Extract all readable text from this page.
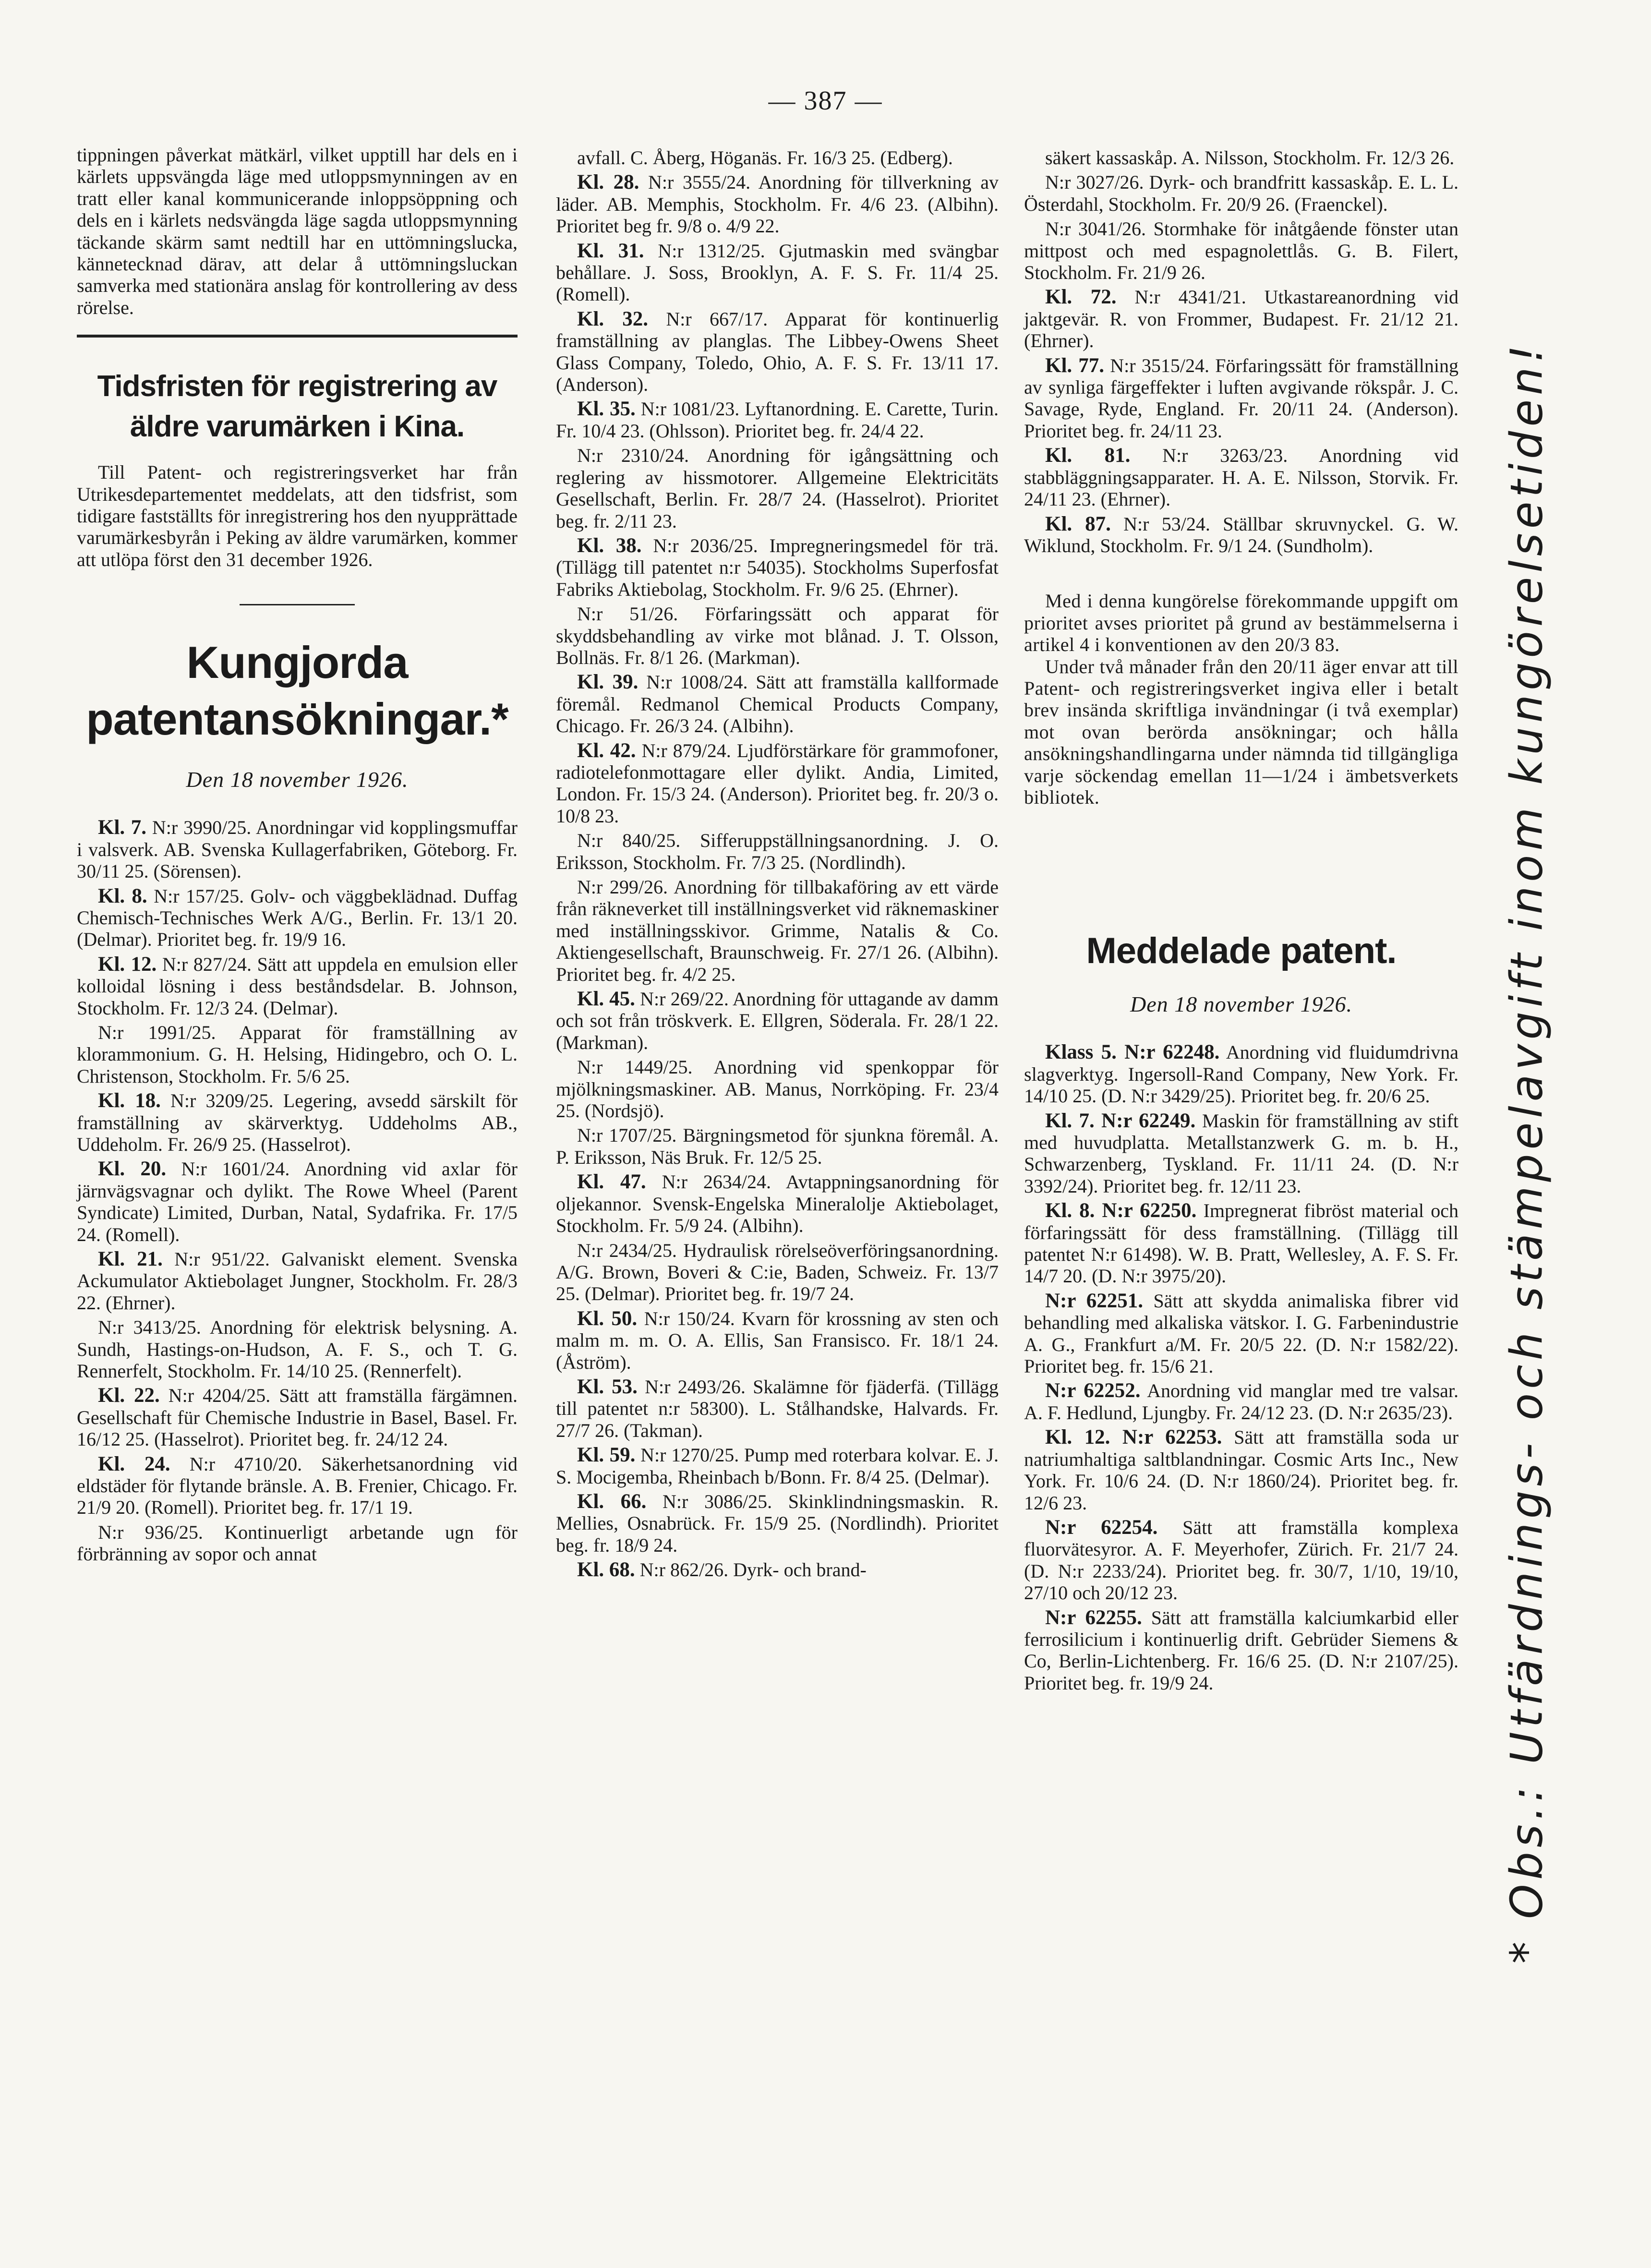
— 387 —

tippningen påverkat mätkärl, vilket upptill har dels en i kärlets uppsvängda läge med utloppsmynningen av en tratt eller kanal kommunicerande inloppsöppning och dels en i kärlets nedsvängda läge sagda utloppsmynning täckande skärm samt nedtill har en uttömningslucka, kännetecknad därav, att delar å uttömningsluckan samverka med stationära anslag för kontrollering av dess rörelse.

Tidsfristen för registrering av äldre varumärken i Kina.

Till Patent- och registreringsverket har från Utrikesdepartementet meddelats, att den tidsfrist, som tidigare fastställts för inregistrering hos den nyupprättade varumärkesbyrån i Peking av äldre varumärken, kommer att utlöpa först den 31 december 1926.

Kungjorda patentansökningar.*
Den 18 november 1926.

Kl. 7. N:r 3990/25. Anordningar vid kopplingsmuffar i valsverk. AB. Svenska Kullagerfabriken, Göteborg. Fr. 30/11 25. (Sörensen).

Kl. 8. N:r 157/25. Golv- och väggbeklädnad. Duffag Chemisch-Technisches Werk A/G., Berlin. Fr. 13/1 20. (Delmar). Prioritet beg. fr. 19/9 16.

Kl. 12. N:r 827/24. Sätt att uppdela en emulsion eller kolloidal lösning i dess beståndsdelar. B. Johnson, Stockholm. Fr. 12/3 24. (Delmar).

N:r 1991/25. Apparat för framställning av klorammonium. G. H. Helsing, Hidingebro, och O. L. Christenson, Stockholm. Fr. 5/6 25.

Kl. 18. N:r 3209/25. Legering, avsedd särskilt för framställning av skärverktyg. Uddeholms AB., Uddeholm. Fr. 26/9 25. (Hasselrot).

Kl. 20. N:r 1601/24. Anordning vid axlar för järnvägsvagnar och dylikt. The Rowe Wheel (Parent Syndicate) Limited, Durban, Natal, Sydafrika. Fr. 17/5 24. (Romell).

Kl. 21. N:r 951/22. Galvaniskt element. Svenska Ackumulator Aktiebolaget Jungner, Stockholm. Fr. 28/3 22. (Ehrner).

N:r 3413/25. Anordning för elektrisk belysning. A. Sundh, Hastings-on-Hudson, A. F. S., och T. G. Rennerfelt, Stockholm. Fr. 14/10 25. (Rennerfelt).

Kl. 22. N:r 4204/25. Sätt att framställa färgämnen. Gesellschaft für Chemische Industrie in Basel, Basel. Fr. 16/12 25. (Hasselrot). Prioritet beg. fr. 24/12 24.

Kl. 24. N:r 4710/20. Säkerhetsanordning vid eldstäder för flytande bränsle. A. B. Frenier, Chicago. Fr. 21/9 20. (Romell). Prioritet beg. fr. 17/1 19.

N:r 936/25. Kontinuerligt arbetande ugn för förbränning av sopor och annat

avfall. C. Åberg, Höganäs. Fr. 16/3 25. (Edberg).

Kl. 28. N:r 3555/24. Anordning för tillverkning av läder. AB. Memphis, Stockholm. Fr. 4/6 23. (Albihn). Prioritet beg fr. 9/8 o. 4/9 22.

Kl. 31. N:r 1312/25. Gjutmaskin med svängbar behållare. J. Soss, Brooklyn, A. F. S. Fr. 11/4 25. (Romell).

Kl. 32. N:r 667/17. Apparat för kontinuerlig framställning av planglas. The Libbey-Owens Sheet Glass Company, Toledo, Ohio, A. F. S. Fr. 13/11 17. (Anderson).

Kl. 35. N:r 1081/23. Lyftanordning. E. Carette, Turin. Fr. 10/4 23. (Ohlsson). Prioritet beg. fr. 24/4 22.

N:r 2310/24. Anordning för igångsättning och reglering av hissmotorer. Allgemeine Elektricitäts Gesellschaft, Berlin. Fr. 28/7 24. (Hasselrot). Prioritet beg. fr. 2/11 23.

Kl. 38. N:r 2036/25. Impregneringsmedel för trä. (Tillägg till patentet n:r 54035). Stockholms Superfosfat Fabriks Aktiebolag, Stockholm. Fr. 9/6 25. (Ehrner).

N:r 51/26. Förfaringssätt och apparat för skyddsbehandling av virke mot blånad. J. T. Olsson, Bollnäs. Fr. 8/1 26. (Markman).

Kl. 39. N:r 1008/24. Sätt att framställa kallformade föremål. Redmanol Chemical Products Company, Chicago. Fr. 26/3 24. (Albihn).

Kl. 42. N:r 879/24. Ljudförstärkare för grammofoner, radiotelefonmottagare eller dylikt. Andia, Limited, London. Fr. 15/3 24. (Anderson). Prioritet beg. fr. 20/3 o. 10/8 23.

N:r 840/25. Sifferuppställningsanordning. J. O. Eriksson, Stockholm. Fr. 7/3 25. (Nordlindh).

N:r 299/26. Anordning för tillbakaföring av ett värde från räkneverket till inställningsverket vid räknemaskiner med inställningsskivor. Grimme, Natalis & Co. Aktiengesellschaft, Braunschweig. Fr. 27/1 26. (Albihn). Prioritet beg. fr. 4/2 25.

Kl. 45. N:r 269/22. Anordning för uttagande av damm och sot från tröskverk. E. Ellgren, Söderala. Fr. 28/1 22. (Markman).

N:r 1449/25. Anordning vid spenkoppar för mjölkningsmaskiner. AB. Manus, Norrköping. Fr. 23/4 25. (Nordsjö).

N:r 1707/25. Bärgningsmetod för sjunkna föremål. A. P. Eriksson, Näs Bruk. Fr. 12/5 25.

Kl. 47. N:r 2634/24. Avtappningsanordning för oljekannor. Svensk-Engelska Mineralolje Aktiebolaget, Stockholm. Fr. 5/9 24. (Albihn).

N:r 2434/25. Hydraulisk rörelseöverföringsanordning. A/G. Brown, Boveri & C:ie, Baden, Schweiz. Fr. 13/7 25. (Delmar). Prioritet beg. fr. 19/7 24.

Kl. 50. N:r 150/24. Kvarn för krossning av sten och malm m. m. O. A. Ellis, San Fransisco. Fr. 18/1 24. (Åström).

Kl. 53. N:r 2493/26. Skalämne för fjäderfä. (Tillägg till patentet n:r 58300). L. Stålhandske, Halvards. Fr. 27/7 26. (Takman).

Kl. 59. N:r 1270/25. Pump med roterbara kolvar. E. J. S. Mocigemba, Rheinbach b/Bonn. Fr. 8/4 25. (Delmar).

Kl. 66. N:r 3086/25. Skinklindningsmaskin. R. Mellies, Osnabrück. Fr. 15/9 25. (Nordlindh). Prioritet beg. fr. 18/9 24.

Kl. 68. N:r 862/26. Dyrk- och brand-

säkert kassaskåp. A. Nilsson, Stockholm. Fr. 12/3 26.

N:r 3027/26. Dyrk- och brandfritt kassaskåp. E. L. L. Österdahl, Stockholm. Fr. 20/9 26. (Fraenckel).

N:r 3041/26. Stormhake för inåtgående fönster utan mittpost och med espagnolettlås. G. B. Filert, Stockholm. Fr. 21/9 26.

Kl. 72. N:r 4341/21. Utkastareanordning vid jaktgevär. R. von Frommer, Budapest. Fr. 21/12 21. (Ehrner).

Kl. 77. N:r 3515/24. Förfaringssätt för framställning av synliga färgeffekter i luften avgivande rökspår. J. C. Savage, Ryde, England. Fr. 20/11 24. (Anderson). Prioritet beg. fr. 24/11 23.

Kl. 81. N:r 3263/23. Anordning vid stabbläggningsapparater. H. A. E. Nilsson, Storvik. Fr. 24/11 23. (Ehrner).

Kl. 87. N:r 53/24. Ställbar skruvnyckel. G. W. Wiklund, Stockholm. Fr. 9/1 24. (Sundholm).

Med i denna kungörelse förekommande uppgift om prioritet avses prioritet på grund av bestämmelserna i artikel 4 i konventionen av den 20/3 83.

Under två månader från den 20/11 äger envar att till Patent- och registreringsverket ingiva eller i betalt brev insända skriftliga invändningar (i två exemplar) mot ovan berörda ansökningar; och hålla ansökningshandlingarna under nämnda tid tillgängliga varje söckendag emellan 11—1/24 i ämbetsverkets bibliotek.

Meddelade patent.
Den 18 november 1926.

Klass 5. N:r 62248. Anordning vid fluidumdrivna slagverktyg. Ingersoll-Rand Company, New York. Fr. 14/10 25. (D. N:r 3429/25). Prioritet beg. fr. 20/6 25.

Kl. 7. N:r 62249. Maskin för framställning av stift med huvudplatta. Metallstanzwerk G. m. b. H., Schwarzenberg, Tyskland. Fr. 11/11 24. (D. N:r 3392/24). Prioritet beg. fr. 12/11 23.

Kl. 8. N:r 62250. Impregnerat fibröst material och förfaringssätt för dess framställning. (Tillägg till patentet N:r 61498). W. B. Pratt, Wellesley, A. F. S. Fr. 14/7 20. (D. N:r 3975/20).

N:r 62251. Sätt att skydda animaliska fibrer vid behandling med alkaliska vätskor. I. G. Farbenindustrie A. G., Frankfurt a/M. Fr. 20/5 22. (D. N:r 1582/22). Prioritet beg. fr. 15/6 21.

N:r 62252. Anordning vid manglar med tre valsar. A. F. Hedlund, Ljungby. Fr. 24/12 23. (D. N:r 2635/23).

Kl. 12. N:r 62253. Sätt att framställa soda ur natriumhaltiga saltblandningar. Cosmic Arts Inc., New York. Fr. 10/6 24. (D. N:r 1860/24). Prioritet beg. fr. 12/6 23.

N:r 62254. Sätt att framställa komplexa fluorvätesyror. A. F. Meyerhofer, Zürich. Fr. 21/7 24. (D. N:r 2233/24). Prioritet beg. fr. 30/7, 1/10, 19/10, 27/10 och 20/12 23.

N:r 62255. Sätt att framställa kalciumkarbid eller ferrosilicium i kontinuerlig drift. Gebrüder Siemens & Co, Berlin-Lichtenberg. Fr. 16/6 25. (D. N:r 2107/25). Prioritet beg. fr. 19/9 24.	* Obs.: Utfärdnings- och stämpelavgift inom kungörelsetiden!
